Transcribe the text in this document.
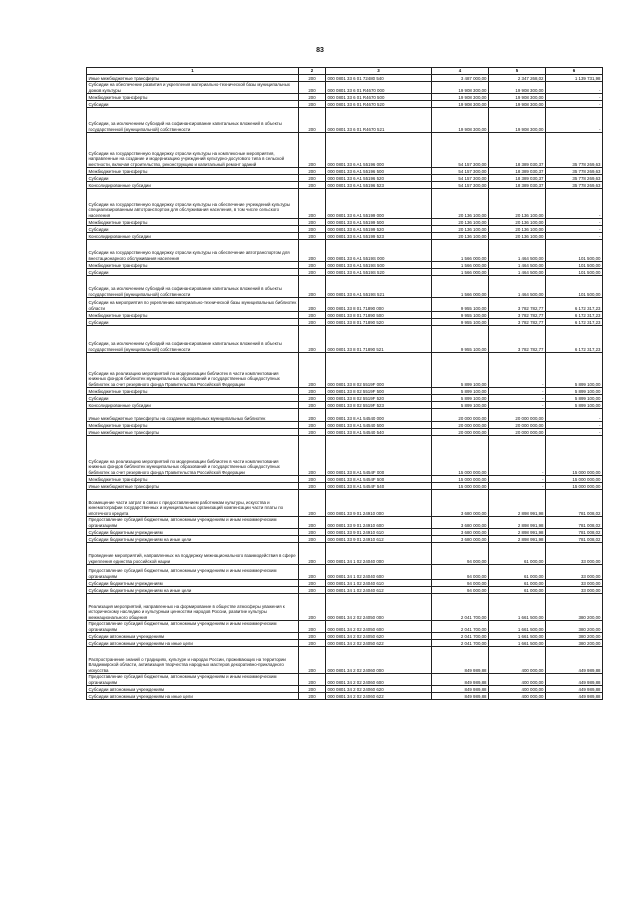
83
1	2	3	4	5	6
Иные межбюджетные трансферты	200	000 0801 33 6 01 72480 540	3 487 000,00	2 347 268,02	1 139 731,98
Субсидии на обеспечение развития и укрепления материально-технической базы муниципальных домов культуры	200	000 0801 33 6 01 R4670 000	19 908 300,00	19 908 300,00	-
Межбюджетные трансферты	200	000 0801 33 6 01 R4670 500	19 908 300,00	19 908 300,00	-
Субсидии	200	000 0801 33 6 01 R4670 520	19 908 300,00	19 908 300,00	-
Субсидии, за исключением субсидий на софинансирование капитальных вложений в объекты государственной (муниципальной) собственности	200	000 0801 33 6 01 R4670 521	19 908 300,00	19 908 300,00	-
Субсидии на государственную поддержку отрасли культуры на комплексные мероприятия, направленные на создание и модернизацию учреждений культурно-досугового типа в сельской местности, включая строительство, реконструкцию и капитальный ремонт зданий	200	000 0801 33 6 A1 55196 000	54 157 300,00	18 389 030,37	35 778 269,63
Межбюджетные трансферты	200	000 0801 33 6 A1 55196 500	54 157 300,00	18 389 030,37	35 778 269,63
Субсидии	200	000 0801 33 6 A1 55196 520	54 157 300,00	18 389 030,37	35 778 269,63
Консолидированные субсидии	200	000 0801 33 6 A1 55196 523	54 157 300,00	18 389 030,37	35 778 269,63
Субсидии на государственную поддержку отрасли культуры на обеспечение учреждений культуры специализированным автотранспортом для обслуживания населения, в том числе сельского населения	200	000 0801 33 6 A1 55199 000	20 136 100,00	20 136 100,00	-
Межбюджетные трансферты	200	000 0801 33 6 A1 55199 500	20 136 100,00	20 136 100,00	-
Субсидии	200	000 0801 33 6 A1 55199 520	20 136 100,00	20 136 100,00	-
Консолидированные субсидии	200	000 0801 33 6 A1 55199 523	20 136 100,00	20 136 100,00	-
Субсидии на государственную поддержку отрасли культуры на обеспечение автотранспортом для внестационарного обслуживания населения	200	000 0801 33 6 A1 5519S 000	1 566 000,00	1 464 500,00	101 500,00
Межбюджетные трансферты	200	000 0801 33 6 A1 5519S 500	1 566 000,00	1 464 500,00	101 500,00
Субсидии	200	000 0801 33 6 A1 5519S 520	1 566 000,00	1 464 500,00	101 500,00
Субсидии, за исключением субсидий на софинансирование капитальных вложений в объекты государственной (муниципальной) собственности	200	000 0801 33 6 A1 5519S 521	1 566 000,00	1 464 500,00	101 500,00
Субсидии на мероприятия по укреплению материально-технической базы муниципальных библиотек области	200	000 0801 33 8 01 71890 000	9 955 100,00	3 782 782,77	6 172 317,23
Межбюджетные трансферты	200	000 0801 33 8 01 71890 500	9 955 100,00	3 782 782,77	6 172 317,23
Субсидии	200	000 0801 33 8 01 71890 520	9 955 100,00	3 782 782,77	6 172 317,23
Субсидии, за исключением субсидий на софинансирование капитальных вложений в объекты государственной (муниципальной) собственности	200	000 0801 33 8 01 71890 521	9 955 100,00	3 782 782,77	6 172 317,23
Субсидии на реализацию мероприятий по модернизации библиотек в части комплектования книжных фондов библиотек муниципальных образований и государственных общедоступных библиотек за счет резервного фонда Правительства Российской Федерации	200	000 0801 33 8 02 5519F 000	5 899 100,00	-	5 899 100,00
Межбюджетные трансферты	200	000 0801 33 8 02 5519F 500	5 899 100,00	-	5 899 100,00
Субсидии	200	000 0801 33 8 02 5519F 520	5 899 100,00	-	5 899 100,00
Консолидированные субсидии	200	000 0801 33 8 02 5519F 523	5 899 100,00	-	5 899 100,00
Иные межбюджетные трансферты на создание модельных муниципальных библиотек	200	000 0801 33 8 A1 54540 000	20 000 000,00	20 000 000,00	-
Межбюджетные трансферты	200	000 0801 33 8 A1 54540 500	20 000 000,00	20 000 000,00	-
Иные межбюджетные трансферты	200	000 0801 33 8 A1 54540 540	20 000 000,00	20 000 000,00	-
Субсидии на реализацию мероприятий по модернизации библиотек в части комплектования книжных фондов библиотек муниципальных образований и государственных общедоступных библиотек за счет резервного фонда Правительства Российской Федерации	200	000 0801 33 8 A1 5454F 000	15 000 000,00	-	15 000 000,00
Межбюджетные трансферты	200	000 0801 33 8 A1 5454F 500	15 000 000,00	-	15 000 000,00
Иные межбюджетные трансферты	200	000 0801 33 8 A1 5454F 540	15 000 000,00	-	15 000 000,00
Возмещение части затрат в связи с предоставлением работникам культуры, искусства и кинематографии государственных и муниципальных организаций компенсации части платы по ипотечного кредита	200	000 0801 33 9 01 24910 000	3 680 000,00	2 898 991,98	781 008,02
Предоставление субсидий бюджетным, автономным учреждениям и иным некоммерческим организациям	200	000 0801 33 9 01 24910 600	3 680 000,00	2 898 991,98	781 008,02
Субсидии бюджетным учреждениям	200	000 0801 33 9 01 24910 610	3 680 000,00	2 898 991,98	781 008,02
Субсидии бюджетным учреждениям на иные цели	200	000 0801 33 9 01 24910 612	3 680 000,00	2 898 991,98	781 008,02
Проведение мероприятий, направленных на поддержку межнационального взаимодействия в сфере укрепления единства российской нации	200	000 0801 34 1 02 24040 000	94 000,00	61 000,00	33 000,00
Предоставление субсидий бюджетным, автономным учреждениям и иным некоммерческим организациям	200	000 0801 34 1 02 24040 600	94 000,00	61 000,00	33 000,00
Субсидии бюджетным учреждениям	200	000 0801 34 1 02 24040 610	94 000,00	61 000,00	33 000,00
Субсидии бюджетным учреждениям на иные цели	200	000 0801 34 1 02 24040 612	94 000,00	61 000,00	33 000,00
Реализация мероприятий, направленных на формирование в обществе атмосферы уважения к историческому наследию и культурным ценностям народов России, развитие культуры межнационального общения	200	000 0801 34 2 02 24050 000	2 041 700,00	1 661 500,00	380 200,00
Предоставление субсидий бюджетным, автономным учреждениям и иным некоммерческим организациям	200	000 0801 34 2 02 24050 600	2 041 700,00	1 661 500,00	380 200,00
Субсидии автономным учреждениям	200	000 0801 34 2 02 24050 620	2 041 700,00	1 661 500,00	380 200,00
Субсидии автономным учреждениям на иные цели	200	000 0801 34 2 02 24050 622	2 041 700,00	1 661 500,00	380 200,00
Распространение знаний о традициях, культуре и народах России, проживающих на территории Владимирской области, активизация творчества народных мастеров декоративно-прикладного искусства	200	000 0801 34 2 02 24060 000	849 989,88	400 000,00	449 989,88
Предоставление субсидий бюджетным, автономным учреждениям и иным некоммерческим организациям	200	000 0801 34 2 02 24060 600	849 989,88	400 000,00	449 989,88
Субсидии автономным учреждениям	200	000 0801 34 2 02 24060 620	849 989,88	400 000,00	449 989,88
Субсидии автономным учреждениям на иные цели	200	000 0801 34 2 02 24060 622	849 989,88	400 000,00	449 989,88
